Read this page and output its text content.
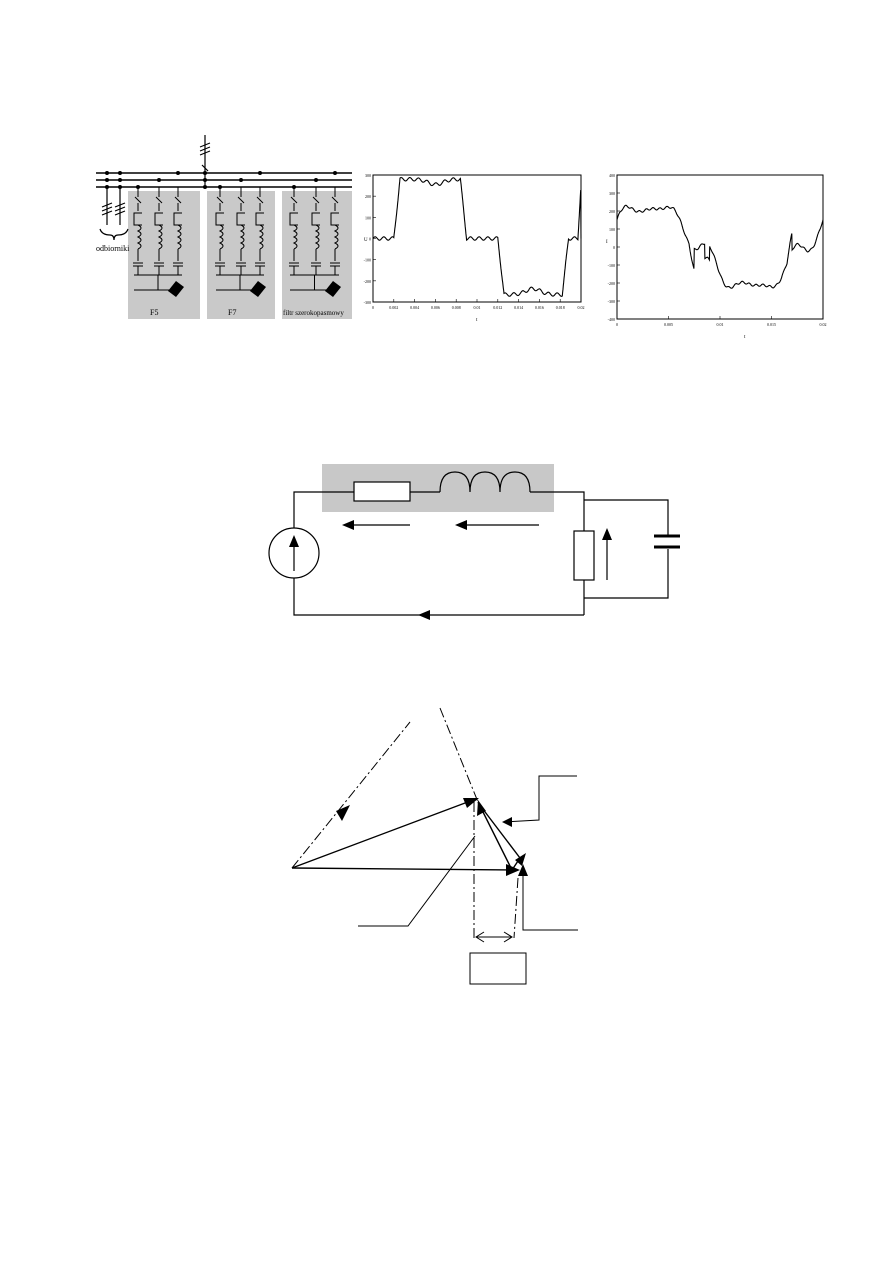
odbiorniki
F5	F7	filtr szerokopasmowy
300
200
100
0
-100
-200
-300
0	0.002	0.004	0.006	0.008	0.01	0.012	0.014	0.016	0.018	0.02
U
t
400
300
200
100
0
-100
-200
-300
-400
0	0.005	0.01	0.015	0.02
I
t
